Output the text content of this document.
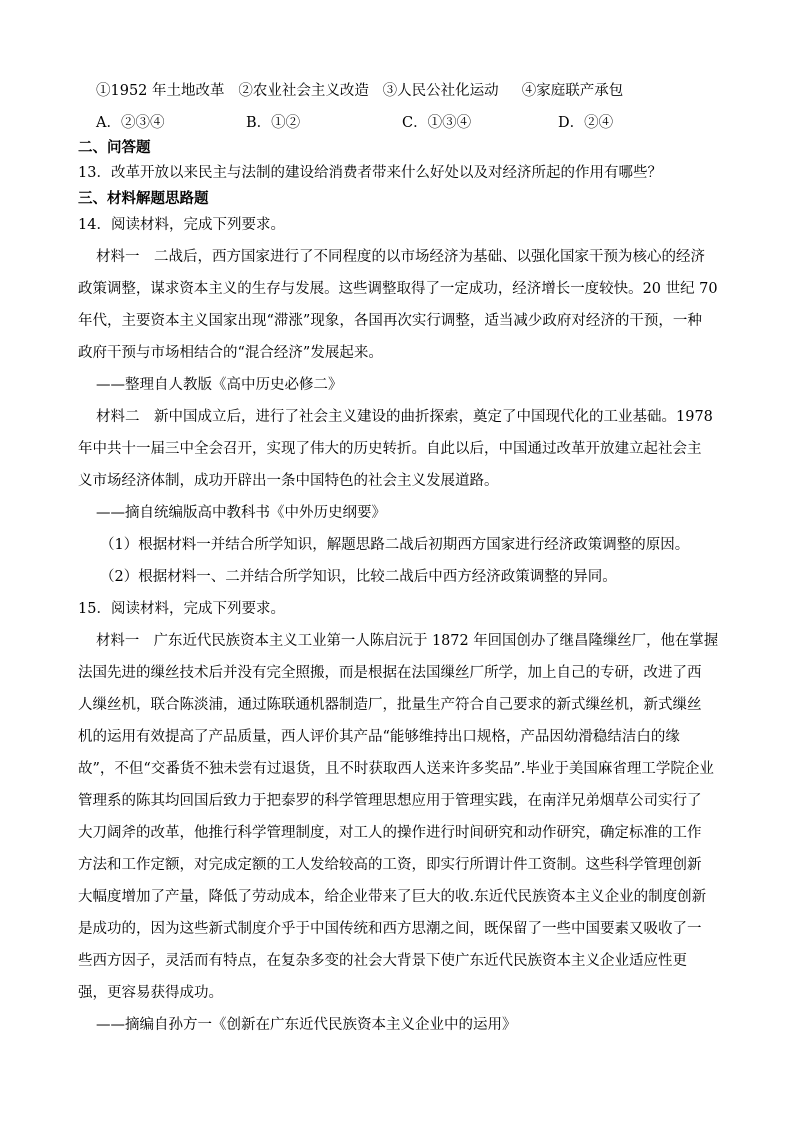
①1952 年土地改革 ②农业社会主义改造 ③人民公社化运动 ④家庭联产承包
A．②③④	B．①②	C．①③④	D．②④
二、问答题
13．改革开放以来民主与法制的建设给消费者带来什么好处以及对经济所起的作用有哪些？
三、材料解题思路题
14．阅读材料，完成下列要求。
材料一　二战后，西方国家进行了不同程度的以市场经济为基础、以强化国家干预为核心的经济
政策调整，谋求资本主义的生存与发展。这些调整取得了一定成功，经济增长一度较快。20 世纪 70
年代，主要资本主义国家出现“滞涨”现象，各国再次实行调整，适当减少政府对经济的干预，一种
政府干预与市场相结合的“混合经济”发展起来。
——整理自人教版《高中历史必修二》
材料二　新中国成立后，进行了社会主义建设的曲折探索，奠定了中国现代化的工业基础。1978
年中共十一届三中全会召开，实现了伟大的历史转折。自此以后，中国通过改革开放建立起社会主
义市场经济体制，成功开辟出一条中国特色的社会主义发展道路。
——摘自统编版高中教科书《中外历史纲要》
（1）根据材料一并结合所学知识，解题思路二战后初期西方国家进行经济政策调整的原因。
（2）根据材料一、二并结合所学知识，比较二战后中西方经济政策调整的异同。
15．阅读材料，完成下列要求。
材料一　广东近代民族资本主义工业第一人陈启沅于 1872 年回国创办了继昌隆缫丝厂，他在掌握
法国先进的缫丝技术后并没有完全照搬，而是根据在法国缫丝厂所学，加上自己的专研，改进了西
人缫丝机，联合陈淡浦，通过陈联通机器制造厂，批量生产符合自己要求的新式缫丝机，新式缫丝
机的运用有效提高了产品质量，西人评价其产品“能够维持出口规格，产品因幼滑稳结洁白的缘
故”，不但“交番货不独未尝有过退货，且不时获取西人送来许多奖品”.毕业于美国麻省理工学院企业
管理系的陈其均回国后致力于把泰罗的科学管理思想应用于管理实践，在南洋兄弟烟草公司实行了
大刀阔斧的改革，他推行科学管理制度，对工人的操作进行时间研究和动作研究，确定标准的工作
方法和工作定额，对完成定额的工人发给较高的工资，即实行所谓计件工资制。这些科学管理创新
大幅度增加了产量，降低了劳动成本，给企业带来了巨大的收.东近代民族资本主义企业的制度创新
是成功的，因为这些新式制度介乎于中国传统和西方思潮之间，既保留了一些中国要素又吸收了一
些西方因子，灵活而有特点，在复杂多变的社会大背景下使广东近代民族资本主义企业适应性更
强，更容易获得成功。
——摘编自孙方一《创新在广东近代民族资本主义企业中的运用》
